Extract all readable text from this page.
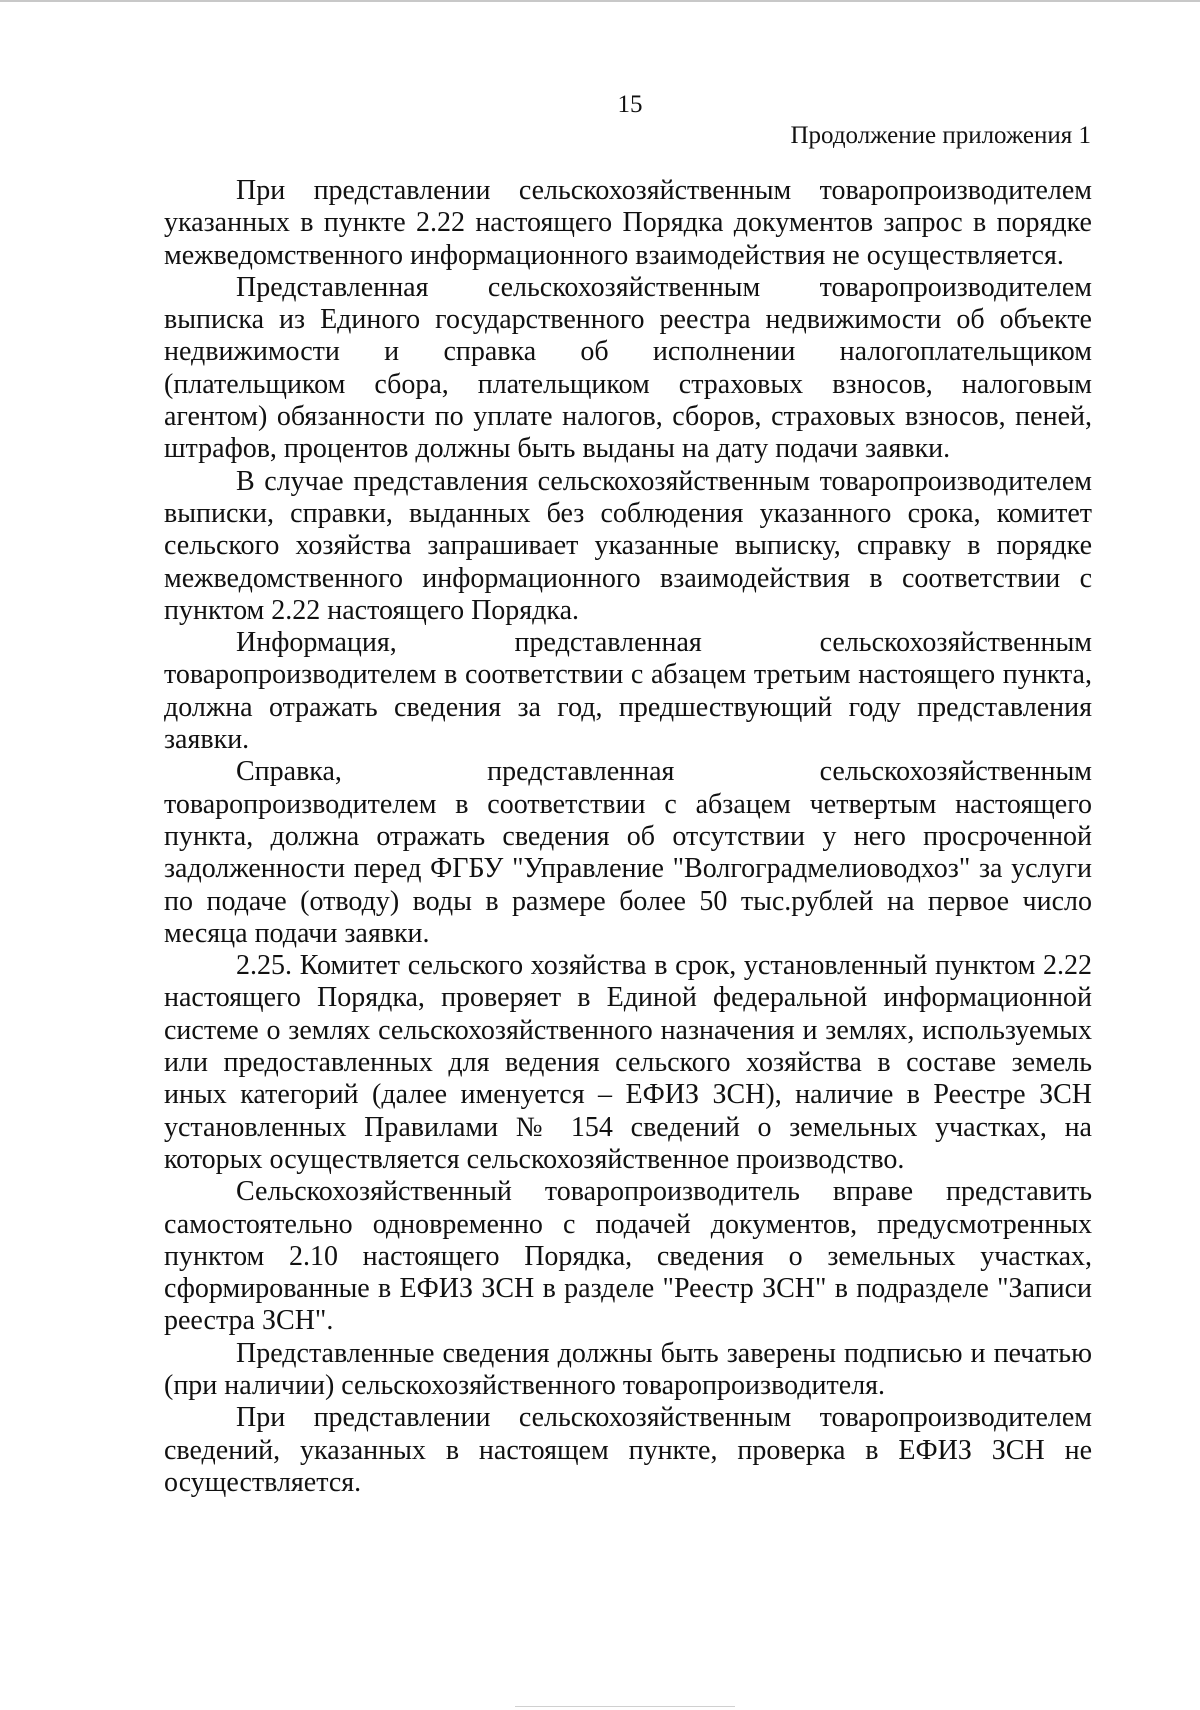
15
Продолжение приложения 1

При представлении сельскохозяйственным товаропроизводителем указанных в пункте 2.22 настоящего Порядка документов запрос в порядке межведомственного информационного взаимодействия не осуществляется.

Представленная сельскохозяйственным товаропроизводителем выписка из Единого государственного реестра недвижимости об объекте недвижимости и справка об исполнении налогоплательщиком (плательщиком сбора, плательщиком страховых взносов, налоговым агентом) обязанности по уплате налогов, сборов, страховых взносов, пеней, штрафов, процентов должны быть выданы на дату подачи заявки.

В случае представления сельскохозяйственным товаропроизводителем выписки, справки, выданных без соблюдения указанного срока, комитет сельского хозяйства запрашивает указанные выписку, справку в порядке межведомственного информационного взаимодействия в соответствии с пунктом 2.22 настоящего Порядка.

Информация, представленная сельскохозяйственным товаропроизводителем в соответствии с абзацем третьим настоящего пункта, должна отражать сведения за год, предшествующий году представления заявки.

Справка, представленная сельскохозяйственным товаропроизводителем в соответствии с абзацем четвертым настоящего пункта, должна отражать сведения об отсутствии у него просроченной задолженности перед ФГБУ "Управление "Волгоградмелиоводхоз" за услуги по подаче (отводу) воды в размере более 50 тыс.рублей на первое число месяца подачи заявки.

2.25. Комитет сельского хозяйства в срок, установленный пунктом 2.22 настоящего Порядка, проверяет в Единой федеральной информационной системе о землях сельскохозяйственного назначения и землях, используемых или предоставленных для ведения сельского хозяйства в составе земель иных категорий (далее именуется – ЕФИЗ ЗСН), наличие в Реестре ЗСН установленных Правилами № 154 сведений о земельных участках, на которых осуществляется сельскохозяйственное производство.

Сельскохозяйственный товаропроизводитель вправе представить самостоятельно одновременно с подачей документов, предусмотренных пунктом 2.10 настоящего Порядка, сведения о земельных участках, сформированные в ЕФИЗ ЗСН в разделе "Реестр ЗСН" в подразделе "Записи реестра ЗСН".

Представленные сведения должны быть заверены подписью и печатью (при наличии) сельскохозяйственного товаропроизводителя.

При представлении сельскохозяйственным товаропроизводителем сведений, указанных в настоящем пункте, проверка в ЕФИЗ ЗСН не осуществляется.
